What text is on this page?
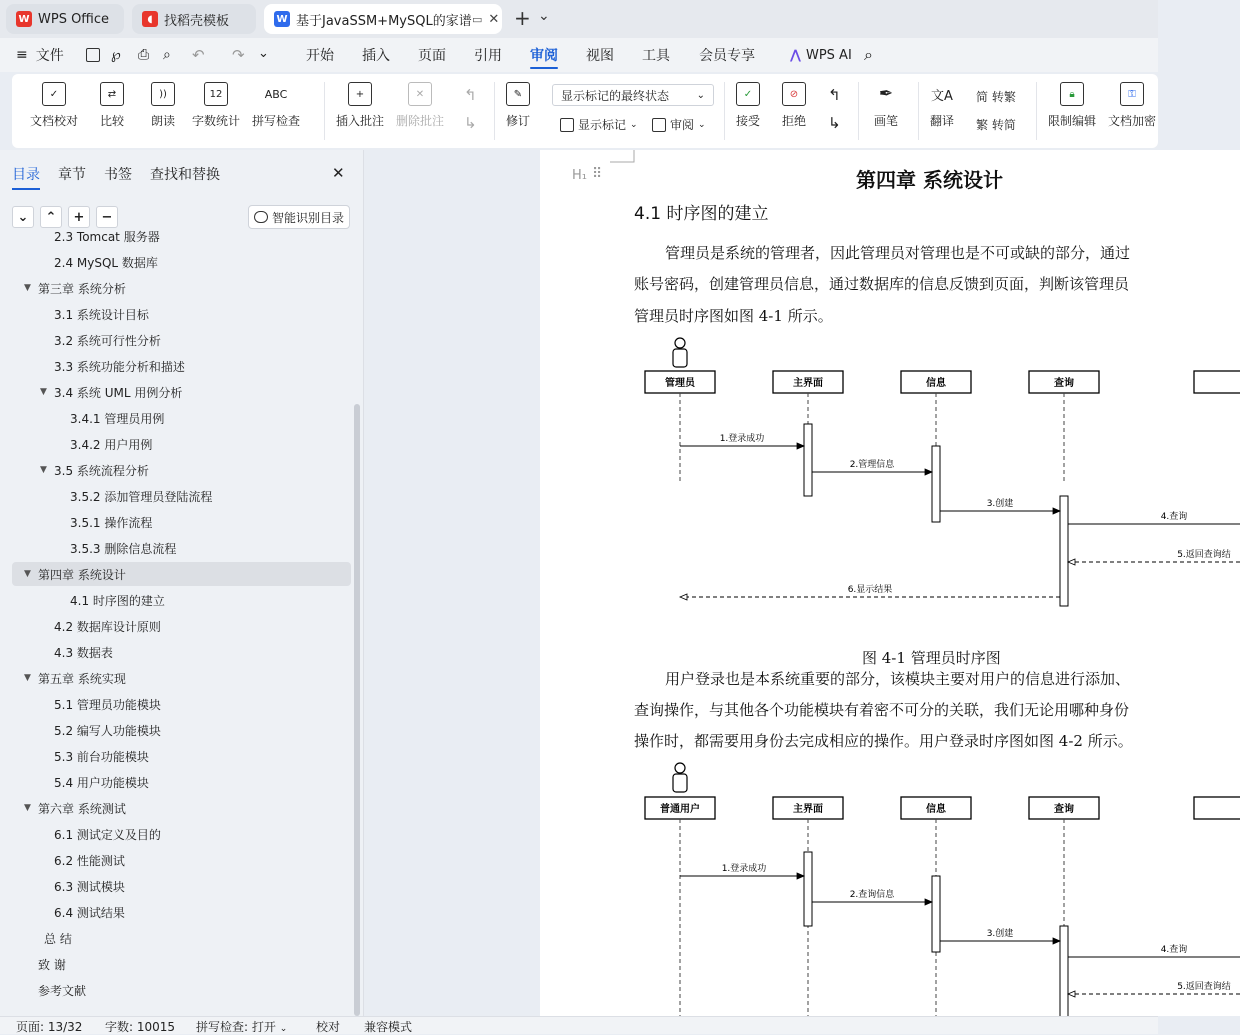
W WPS Office	◖ 找稻壳模板	W 基于JavaSSM+MySQL的家谱 ▭ ✕ + ⌄
≡ 文件	℘ ⎙ ⌕ ↶ ↷ ⌄	开始 插入 页面 引用 审阅 视图 工具 会员专享	⋀ WPS AI ⌕
✓
文档校对
⇄
比较
))
朗读
12
字数统计
ABC
拼写检查
+
插入批注
✕
删除批注
↰
↳
✎
修订
显示标记的最终状态	⌄
显示标记 ⌄	审阅 ⌄
✓
接受
⊘
拒绝
↰
↳
✒
画笔
文A
翻译
简 转繁
繁 转简
🔒︎
限制编辑
⚿
文档加密
目录 章节 书签 查找和替换	✕
⌄	⌃	+	−	智能识别目录
2.3 Tomcat 服务器
2.4 MySQL 数据库
▼ 第三章 系统分析
3.1 系统设计目标
3.2 系统可行性分析
3.3 系统功能分析和描述
▼ 3.4 系统 UML 用例分析
3.4.1 管理员用例
3.4.2 用户用例
▼ 3.5 系统流程分析
3.5.2 添加管理员登陆流程
3.5.1 操作流程
3.5.3 删除信息流程
▼ 第四章 系统设计
4.1 时序图的建立
4.2 数据库设计原则
4.3 数据表
▼ 第五章 系统实现
5.1 管理员功能模块
5.2 编写人功能模块
5.3 前台功能模块
5.4 用户功能模块
▼ 第六章 系统测试
6.1 测试定义及目的
6.2 性能测试
6.3 测试模块
6.4 测试结果
总 结
致 谢
参考文献
H₁ ⠿	第四章 系统设计
4.1 时序图的建立
管理员是系统的管理者，因此管理员对管理也是不可或缺的部分，通过
账号密码，创建管理员信息，通过数据库的信息反馈到页面，判断该管理员
管理员时序图如图 4-1 所示。
管理员	主界面	信息	查询
1.登录成功
2.管理信息
3.创建
4.查询
5.返回查询结
6.显示结果
图 4-1 管理员时序图
用户登录也是本系统重要的部分，该模块主要对用户的信息进行添加、
查询操作，与其他各个功能模块有着密不可分的关联，我们无论用哪种身份
操作时，都需要用身份去完成相应的操作。用户登录时序图如图 4-2 所示。
普通用户	主界面	信息	查询
1.登录成功
2.查询信息
3.创建
4.查询
5.返回查询结
页面: 13/32 字数: 10015 拼写检查: 打开 ⌄ 校对 兼容模式
